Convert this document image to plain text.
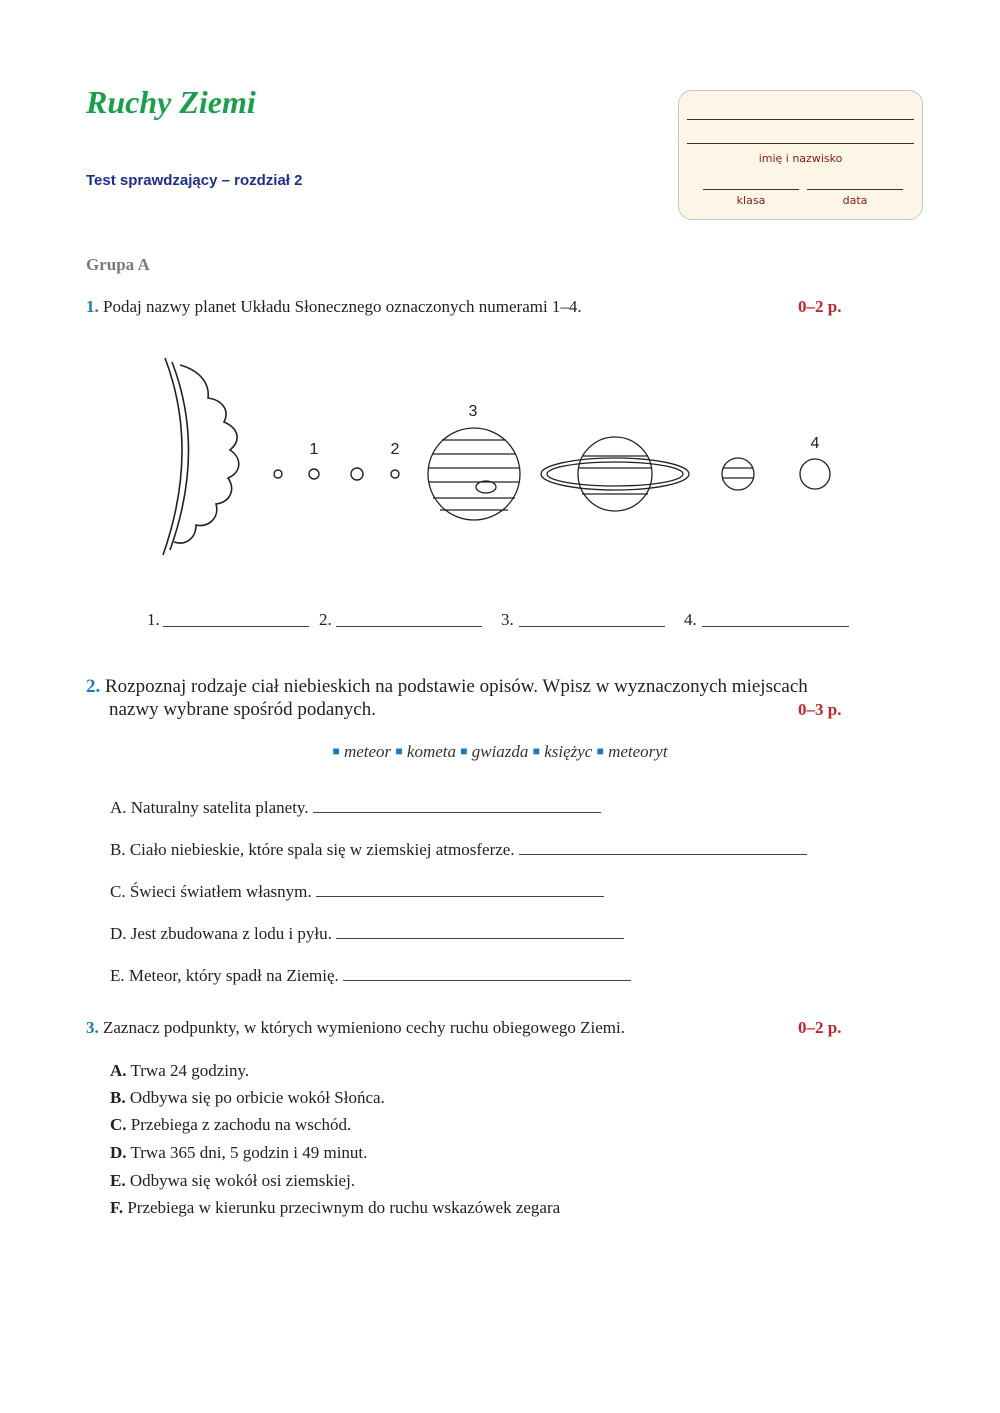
Ruchy Ziemi
Test sprawdzający – rozdział 2
imię i nazwisko
klasa	data
Grupa A
1. Podaj nazwy planet Układu Słonecznego oznaczonych numerami 1–4.	0–2 p.
1	2
3
4
1.	2.	3.	4.
2. Rozpoznaj rodzaje ciał niebieskich na podstawie opisów. Wpisz w wyznaczonych miejscach
nazwy wybrane spośród podanych.	0–3 p.
■ meteor ■ kometa ■ gwiazda ■ księżyc ■ meteoryt
A. Naturalny satelita planety.
B. Ciało niebieskie, które spala się w ziemskiej atmosferze.
C. Świeci światłem własnym.
D. Jest zbudowana z lodu i pyłu.
E. Meteor, który spadł na Ziemię.
3. Zaznacz podpunkty, w których wymieniono cechy ruchu obiegowego Ziemi.	0–2 p.
A. Trwa 24 godziny.
B. Odbywa się po orbicie wokół Słońca.
C. Przebiega z zachodu na wschód.
D. Trwa 365 dni, 5 godzin i 49 minut.
E. Odbywa się wokół osi ziemskiej.
F. Przebiega w kierunku przeciwnym do ruchu wskazówek zegara
